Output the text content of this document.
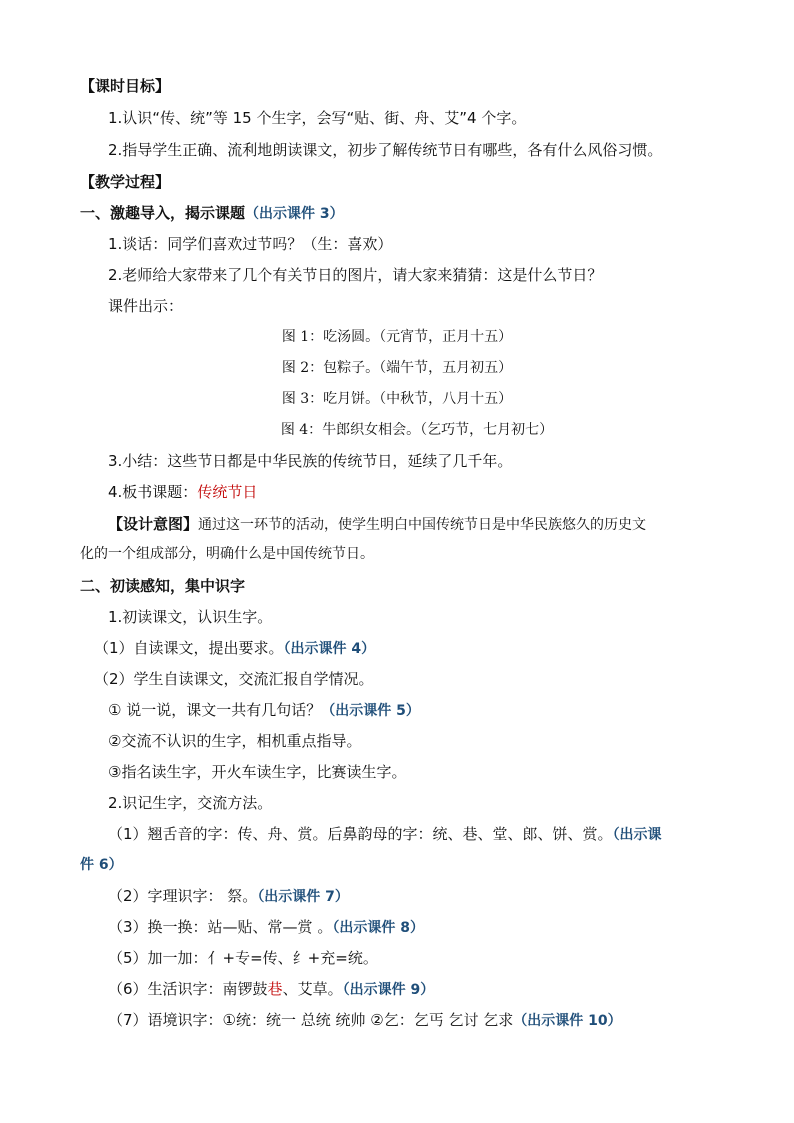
【课时目标】
1.认识“传、统”等 15 个生字，会写“贴、街、舟、艾”4 个字。
2.指导学生正确、流利地朗读课文，初步了解传统节日有哪些，各有什么风俗习惯。
【教学过程】
一、激趣导入，揭示课题（出示课件 3）
1.谈话：同学们喜欢过节吗？（生：喜欢）
2.老师给大家带来了几个有关节日的图片，请大家来猜猜：这是什么节日？
课件出示：
图 1：吃汤圆。（元宵节，正月十五）
图 2：包粽子。（端午节，五月初五）
图 3：吃月饼。（中秋节，八月十五）
图 4：牛郎织女相会。（乞巧节，七月初七）
3.小结：这些节日都是中华民族的传统节日，延续了几千年。
4.板书课题：传统节日
【设计意图】通过这一环节的活动，使学生明白中国传统节日是中华民族悠久的历史文
化的一个组成部分，明确什么是中国传统节日。
二、初读感知，集中识字
1.初读课文，认识生字。
（1）自读课文，提出要求。（出示课件 4）
（2）学生自读课文，交流汇报自学情况。
① 说一说，课文一共有几句话？（出示课件 5）
②交流不认识的生字，相机重点指导。
③指名读生字，开火车读生字，比赛读生字。
2.识记生字，交流方法。
（1）翘舌音的字：传、舟、赏。后鼻韵母的字：统、巷、堂、郎、饼、赏。（出示课
件 6）
（2）字理识字： 祭。（出示课件 7）
（3）换一换：站—贴、常—赏 。（出示课件 8）
（5）加一加：亻+专=传、纟+充=统。
（6）生活识字：南锣鼓巷、艾草。（出示课件 9）
（7）语境识字：①统：统一 总统 统帅 ②乞：乞丐 乞讨 乞求（出示课件 10）
